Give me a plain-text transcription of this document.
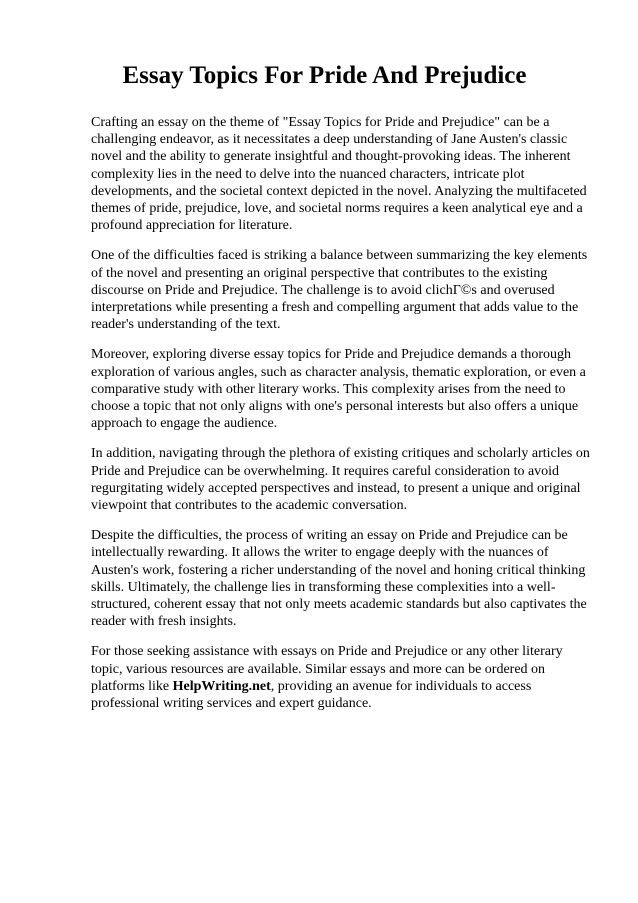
Essay Topics For Pride And Prejudice

Crafting an essay on the theme of "Essay Topics for Pride and Prejudice" can be a challenging endeavor, as it necessitates a deep understanding of Jane Austen's classic novel and the ability to generate insightful and thought-provoking ideas. The inherent complexity lies in the need to delve into the nuanced characters, intricate plot developments, and the societal context depicted in the novel. Analyzing the multifaceted themes of pride, prejudice, love, and societal norms requires a keen analytical eye and a profound appreciation for literature.

One of the difficulties faced is striking a balance between summarizing the key elements of the novel and presenting an original perspective that contributes to the existing discourse on Pride and Prejudice. The challenge is to avoid clichГ©s and overused interpretations while presenting a fresh and compelling argument that adds value to the reader's understanding of the text.

Moreover, exploring diverse essay topics for Pride and Prejudice demands a thorough exploration of various angles, such as character analysis, thematic exploration, or even a comparative study with other literary works. This complexity arises from the need to choose a topic that not only aligns with one's personal interests but also offers a unique approach to engage the audience.

In addition, navigating through the plethora of existing critiques and scholarly articles on Pride and Prejudice can be overwhelming. It requires careful consideration to avoid regurgitating widely accepted perspectives and instead, to present a unique and original viewpoint that contributes to the academic conversation.

Despite the difficulties, the process of writing an essay on Pride and Prejudice can be intellectually rewarding. It allows the writer to engage deeply with the nuances of Austen's work, fostering a richer understanding of the novel and honing critical thinking skills. Ultimately, the challenge lies in transforming these complexities into a well-structured, coherent essay that not only meets academic standards but also captivates the reader with fresh insights.

For those seeking assistance with essays on Pride and Prejudice or any other literary topic, various resources are available. Similar essays and more can be ordered on platforms like HelpWriting.net, providing an avenue for individuals to access professional writing services and expert guidance.
